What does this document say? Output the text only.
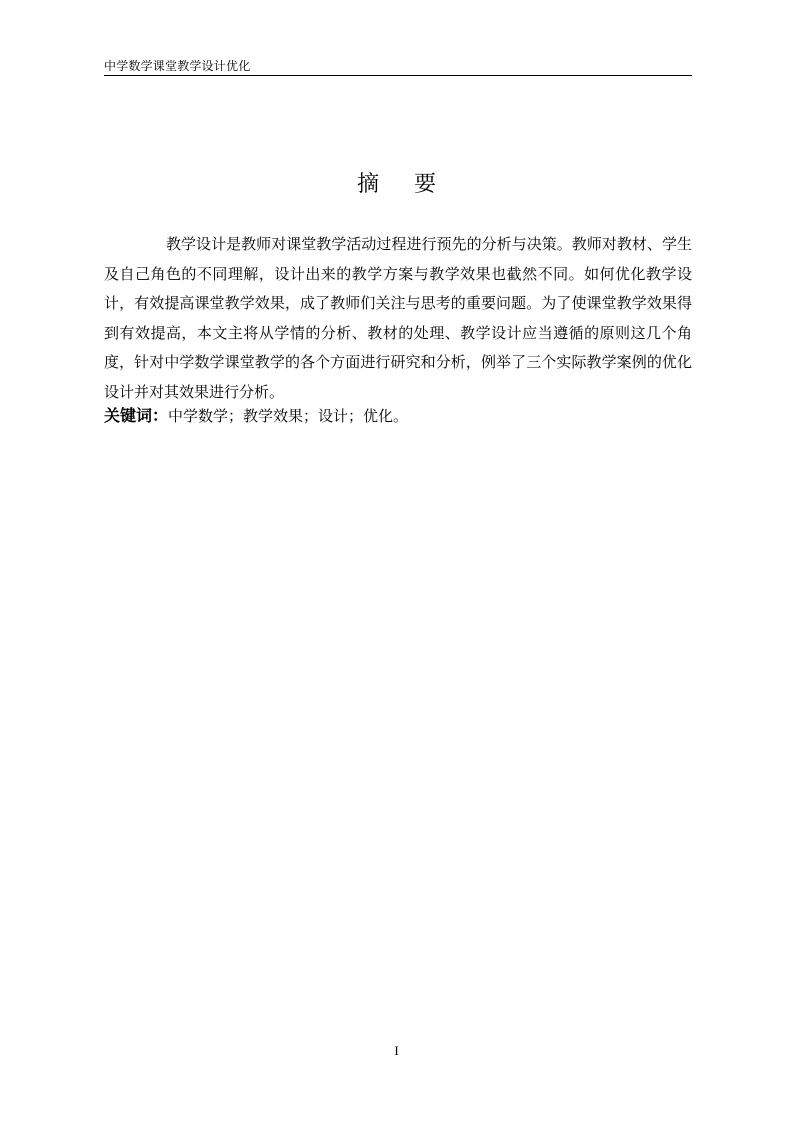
中学数学课堂教学设计优化
摘 要

教学设计是教师对课堂教学活动过程进行预先的分析与决策。教师对教材、学生及自己角色的不同理解，设计出来的教学方案与教学效果也截然不同。如何优化教学设计，有效提高课堂教学效果，成了教师们关注与思考的重要问题。为了使课堂教学效果得到有效提高，本文主将从学情的分析、教材的处理、教学设计应当遵循的原则这几个角度，针对中学数学课堂教学的各个方面进行研究和分析，例举了三个实际教学案例的优化设计并对其效果进行分析。

关键词：中学数学；教学效果；设计；优化。

I
